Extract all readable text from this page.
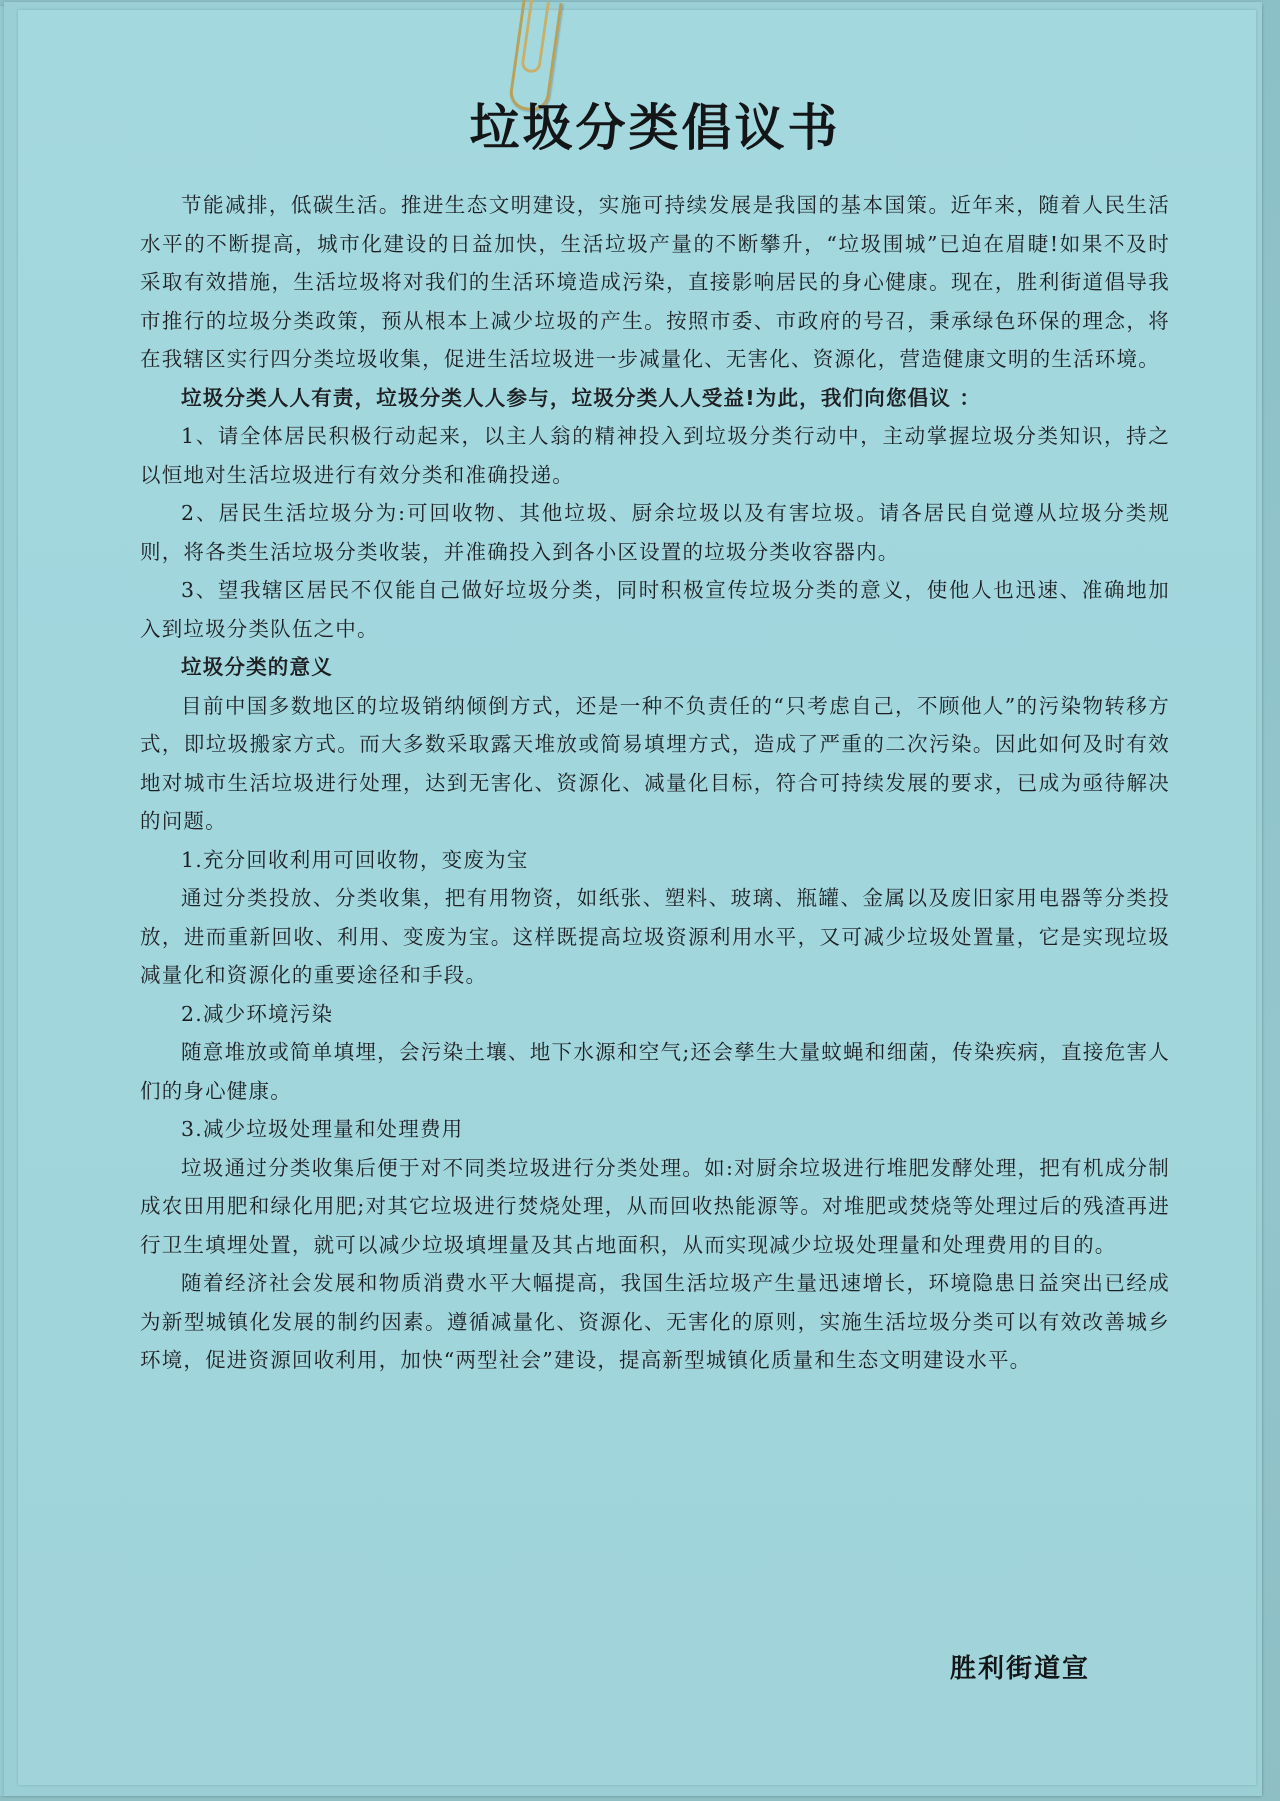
垃圾分类倡议书

节能减排，低碳生活。推进生态文明建设，实施可持续发展是我国的基本国策。近年来，随着人民生活水平的不断提高，城市化建设的日益加快，生活垃圾产量的不断攀升，“垃圾围城”已迫在眉睫!如果不及时采取有效措施，生活垃圾将对我们的生活环境造成污染，直接影响居民的身心健康。现在，胜利街道倡导我市推行的垃圾分类政策，预从根本上减少垃圾的产生。按照市委、市政府的号召，秉承绿色环保的理念，将在我辖区实行四分类垃圾收集，促进生活垃圾进一步减量化、无害化、资源化，营造健康文明的生活环境。

垃圾分类人人有责，垃圾分类人人参与，垃圾分类人人受益!为此，我们向您倡议 ：

1、请全体居民积极行动起来，以主人翁的精神投入到垃圾分类行动中，主动掌握垃圾分类知识，持之以恒地对生活垃圾进行有效分类和准确投递。

2、居民生活垃圾分为:可回收物、其他垃圾、厨余垃圾以及有害垃圾。请各居民自觉遵从垃圾分类规则，将各类生活垃圾分类收装，并准确投入到各小区设置的垃圾分类收容器内。

3、望我辖区居民不仅能自己做好垃圾分类，同时积极宣传垃圾分类的意义，使他人也迅速、准确地加入到垃圾分类队伍之中。

垃圾分类的意义

目前中国多数地区的垃圾销纳倾倒方式，还是一种不负责任的“只考虑自己，不顾他人”的污染物转移方式，即垃圾搬家方式。而大多数采取露天堆放或简易填埋方式，造成了严重的二次污染。因此如何及时有效地对城市生活垃圾进行处理，达到无害化、资源化、减量化目标，符合可持续发展的要求，已成为亟待解决的问题。

1.充分回收利用可回收物，变废为宝

通过分类投放、分类收集，把有用物资，如纸张、塑料、玻璃、瓶罐、金属以及废旧家用电器等分类投放，进而重新回收、利用、变废为宝。这样既提高垃圾资源利用水平，又可减少垃圾处置量，它是实现垃圾减量化和资源化的重要途径和手段。

2.减少环境污染

随意堆放或简单填埋，会污染土壤、地下水源和空气;还会孳生大量蚊蝇和细菌，传染疾病，直接危害人们的身心健康。

3.减少垃圾处理量和处理费用

垃圾通过分类收集后便于对不同类垃圾进行分类处理。如:对厨余垃圾进行堆肥发酵处理，把有机成分制成农田用肥和绿化用肥;对其它垃圾进行焚烧处理，从而回收热能源等。对堆肥或焚烧等处理过后的残渣再进行卫生填埋处置，就可以减少垃圾填埋量及其占地面积，从而实现减少垃圾处理量和处理费用的目的。

随着经济社会发展和物质消费水平大幅提高，我国生活垃圾产生量迅速增长，环境隐患日益突出已经成为新型城镇化发展的制约因素。遵循减量化、资源化、无害化的原则，实施生活垃圾分类可以有效改善城乡环境，促进资源回收利用，加快“两型社会”建设，提高新型城镇化质量和生态文明建设水平。

胜利街道宣
